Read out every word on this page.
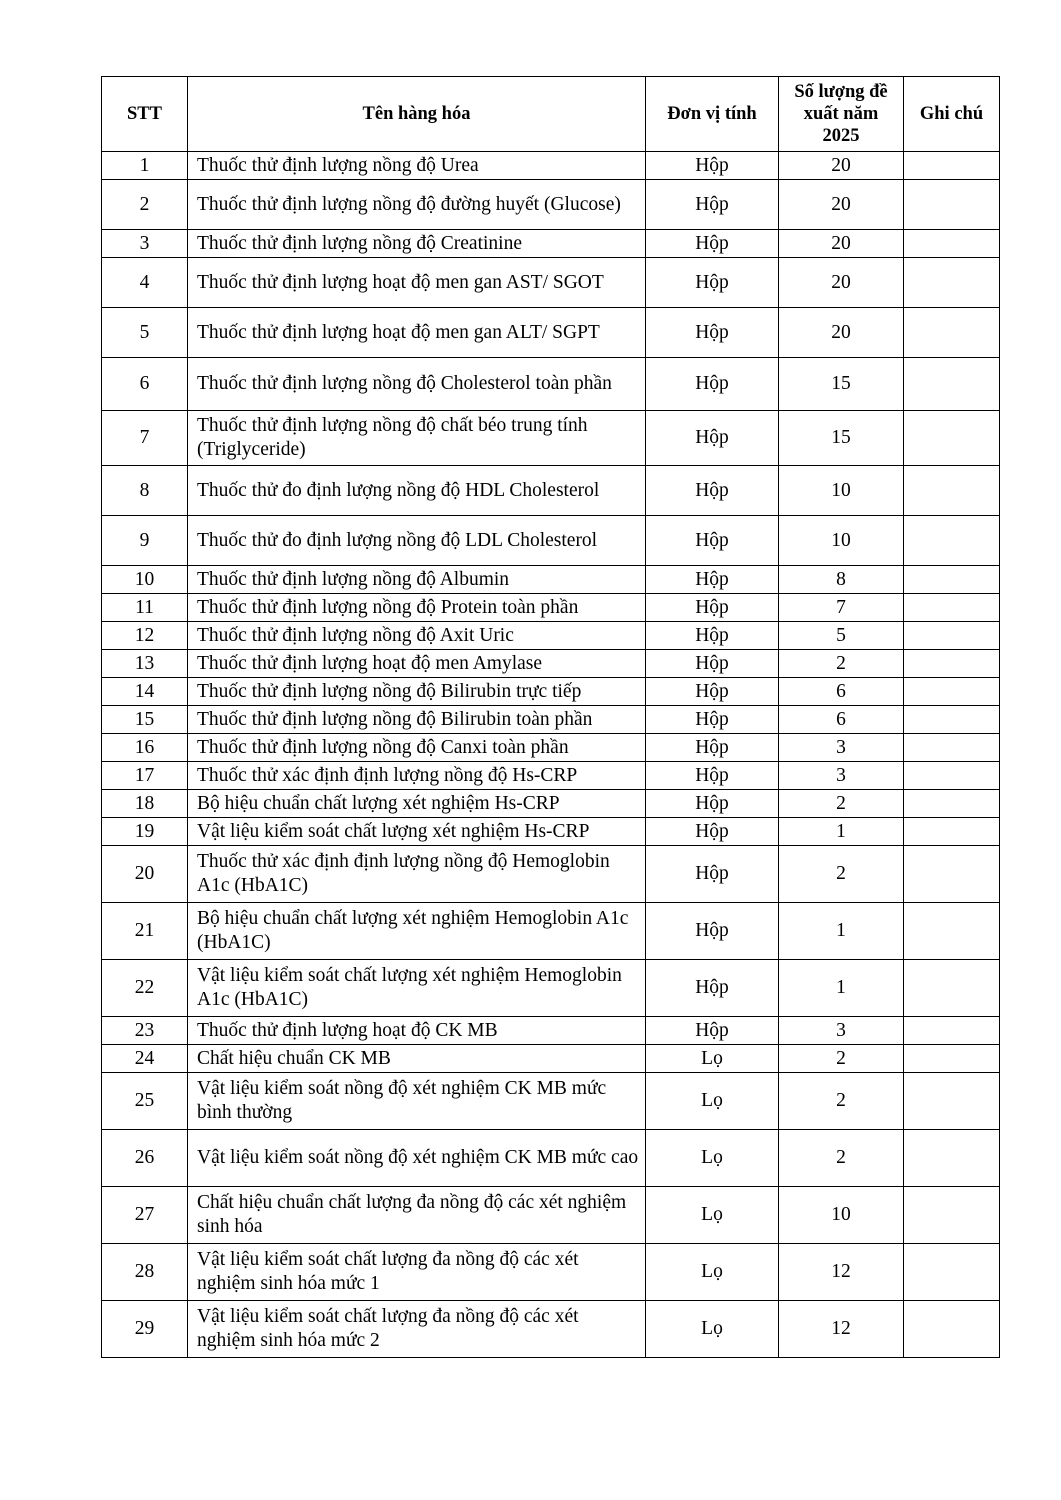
STT	Tên hàng hóa	Đơn vị tính	Số lượng đề xuất năm 2025	Ghi chú
1	Thuốc thử định lượng nồng độ Urea	Hộp	20	
2	Thuốc thử định lượng nồng độ đường huyết (Glucose)	Hộp	20	
3	Thuốc thử định lượng nồng độ Creatinine	Hộp	20	
4	Thuốc thử định lượng hoạt độ men gan AST/ SGOT	Hộp	20	
5	Thuốc thử định lượng hoạt độ men gan ALT/ SGPT	Hộp	20	
6	Thuốc thử định lượng nồng độ Cholesterol toàn phần	Hộp	15	
7	Thuốc thử định lượng nồng độ chất béo trung tính (Triglyceride)	Hộp	15	
8	Thuốc thử đo định lượng nồng độ HDL Cholesterol	Hộp	10	
9	Thuốc thử đo định lượng nồng độ LDL Cholesterol	Hộp	10	
10	Thuốc thử định lượng nồng độ Albumin	Hộp	8	
11	Thuốc thử định lượng nồng độ Protein toàn phần	Hộp	7	
12	Thuốc thử định lượng nồng độ Axit Uric	Hộp	5	
13	Thuốc thử định lượng hoạt độ men Amylase	Hộp	2	
14	Thuốc thử định lượng nồng độ Bilirubin trực tiếp	Hộp	6	
15	Thuốc thử định lượng nồng độ Bilirubin toàn phần	Hộp	6	
16	Thuốc thử định lượng nồng độ Canxi toàn phần	Hộp	3	
17	Thuốc thử xác định định lượng nồng độ Hs-CRP	Hộp	3	
18	Bộ hiệu chuẩn chất lượng xét nghiệm Hs-CRP	Hộp	2	
19	Vật liệu kiểm soát chất lượng xét nghiệm Hs-CRP	Hộp	1	
20	Thuốc thử xác định định lượng nồng độ Hemoglobin A1c (HbA1C)	Hộp	2	
21	Bộ hiệu chuẩn chất lượng xét nghiệm Hemoglobin A1c (HbA1C)	Hộp	1	
22	Vật liệu kiểm soát chất lượng xét nghiệm Hemoglobin A1c (HbA1C)	Hộp	1	
23	Thuốc thử định lượng hoạt độ CK MB	Hộp	3	
24	Chất hiệu chuẩn CK MB	Lọ	2	
25	Vật liệu kiểm soát nồng độ xét nghiệm CK MB mức bình thường	Lọ	2	
26	Vật liệu kiểm soát nồng độ xét nghiệm CK MB mức cao	Lọ	2	
27	Chất hiệu chuẩn chất lượng đa nồng độ các xét nghiệm sinh hóa	Lọ	10	
28	Vật liệu kiểm soát chất lượng đa nồng độ các xét nghiệm sinh hóa mức 1	Lọ	12	
29	Vật liệu kiểm soát chất lượng đa nồng độ các xét nghiệm sinh hóa mức 2	Lọ	12	
